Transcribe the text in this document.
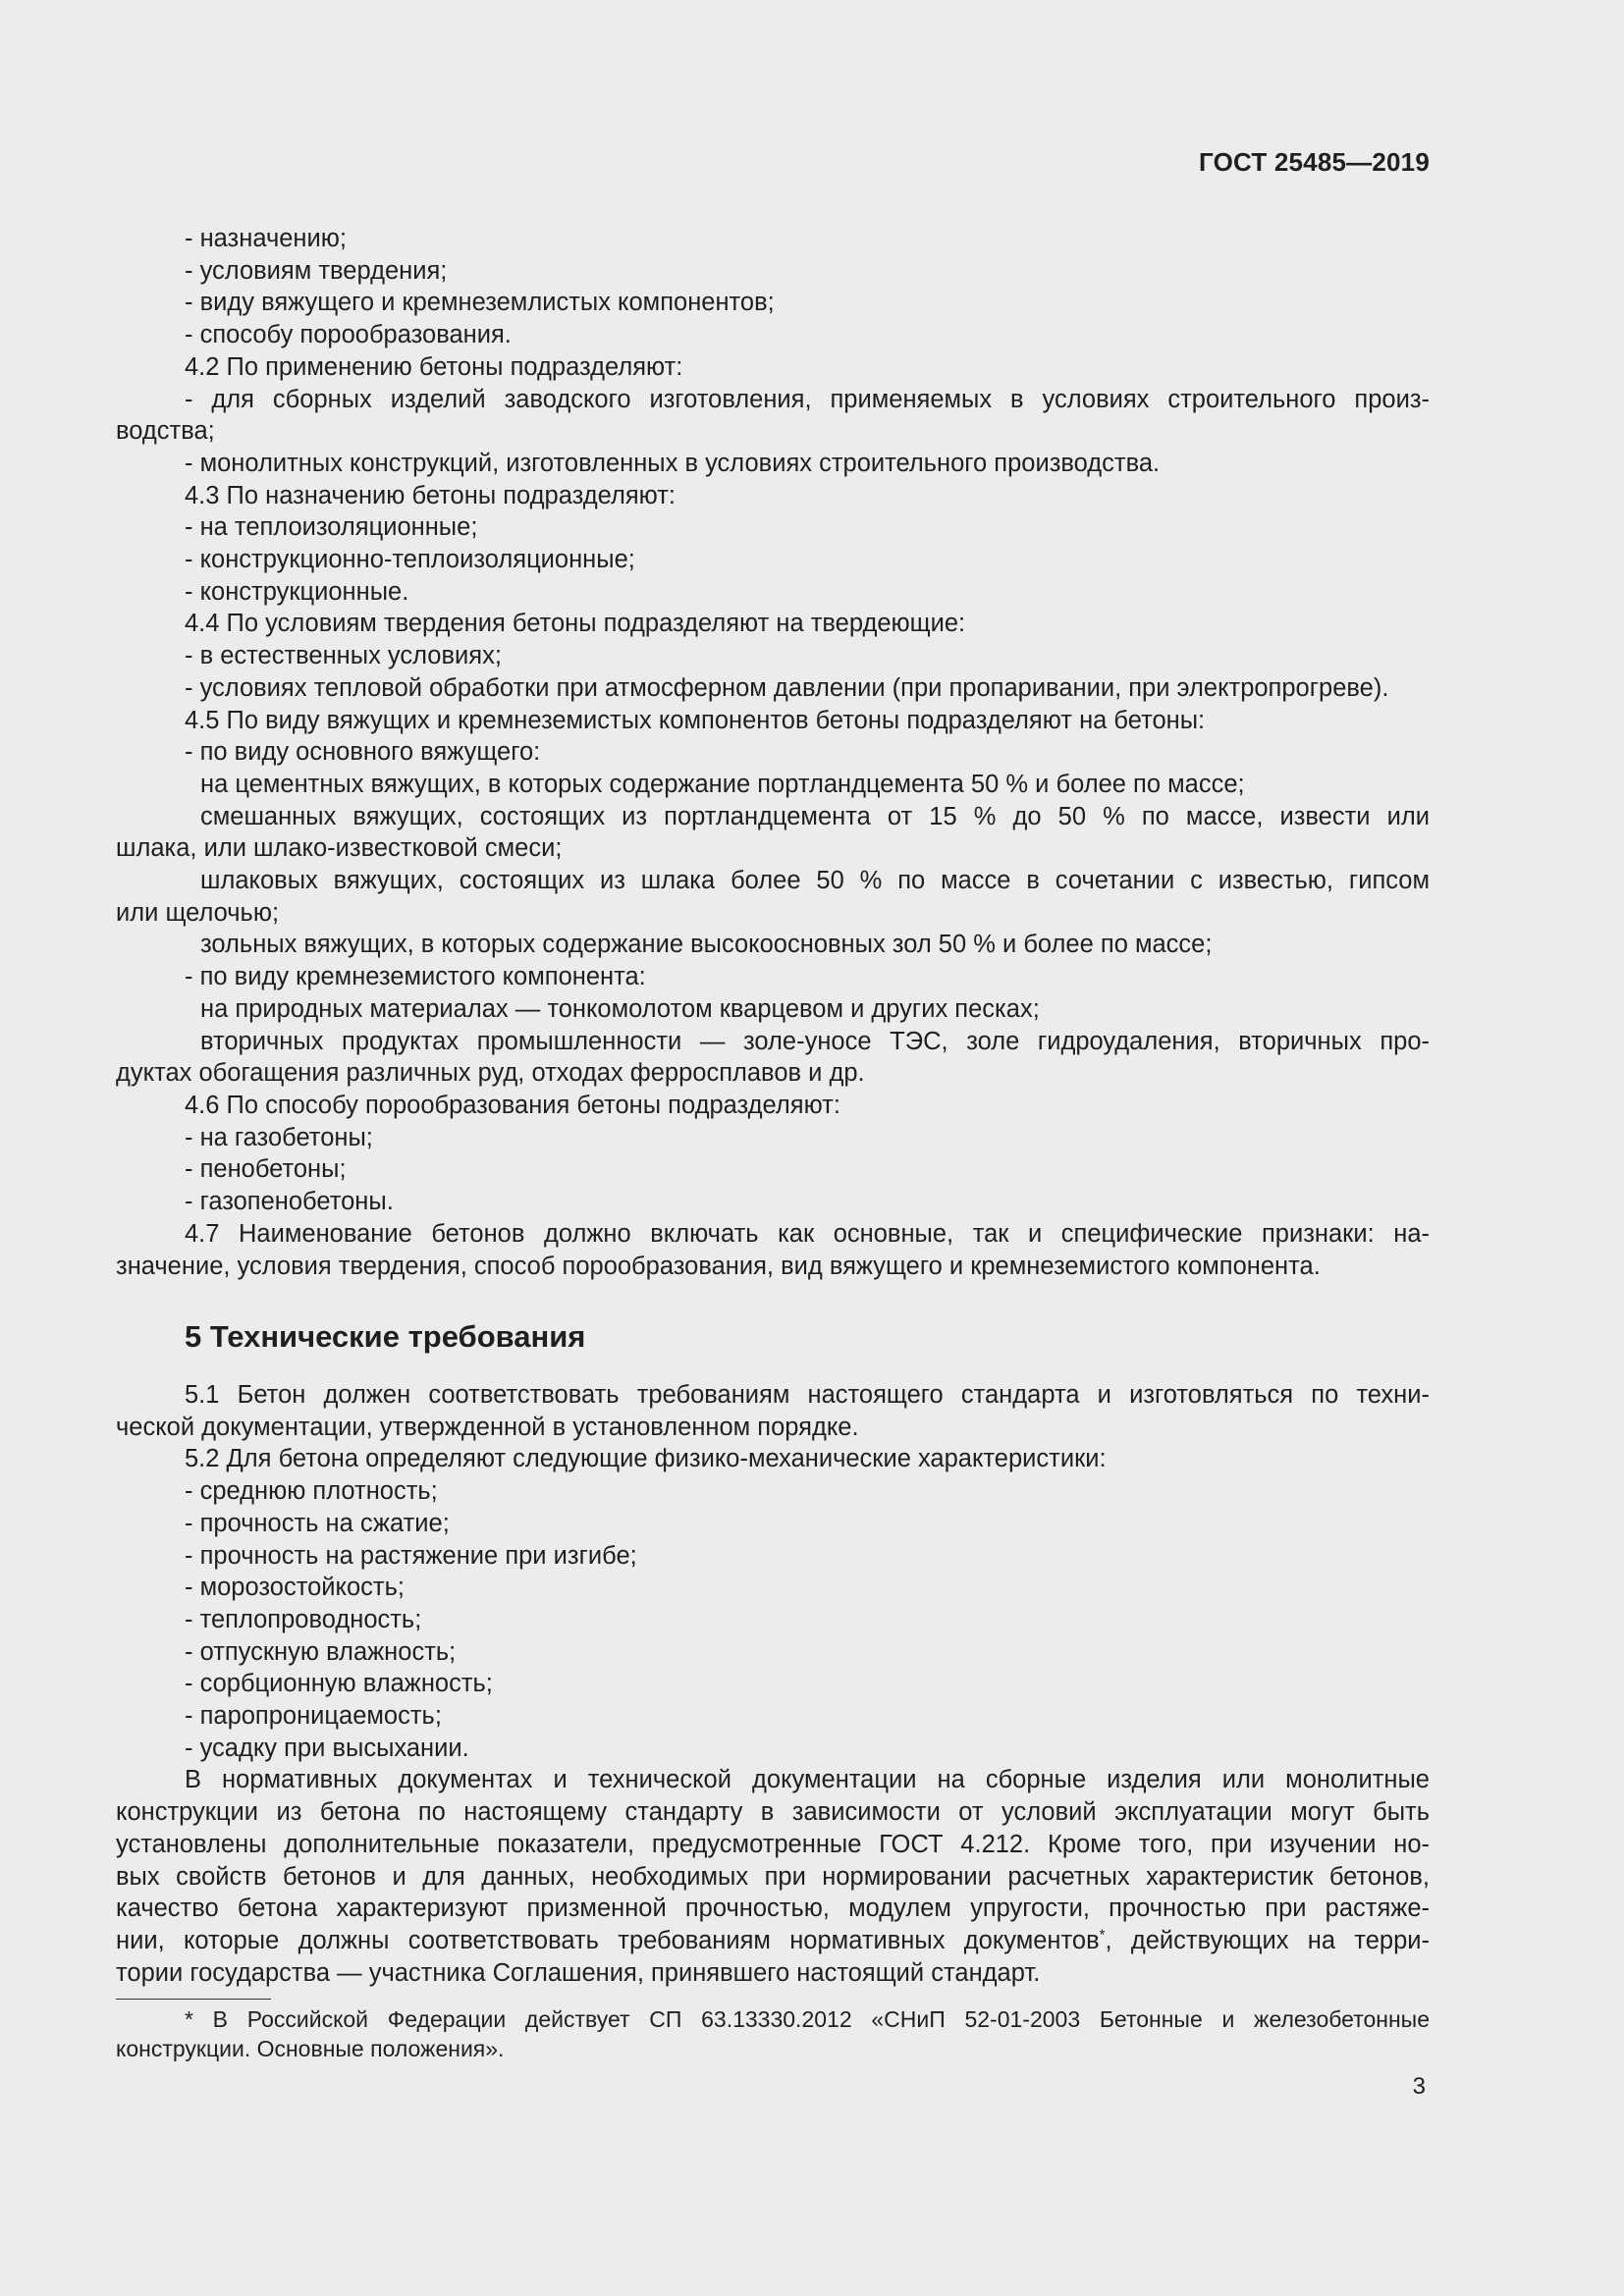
ГОСТ 25485—2019
- назначению;
- условиям твердения;
- виду вяжущего и кремнеземлистых компонентов;
- способу порообразования.
4.2 По применению бетоны подразделяют:
- для сборных изделий заводского изготовления, применяемых в условиях строительного произ-
водства;
- монолитных конструкций, изготовленных в условиях строительного производства.
4.3 По назначению бетоны подразделяют:
- на теплоизоляционные;
- конструкционно-теплоизоляционные;
- конструкционные.
4.4 По условиям твердения бетоны подразделяют на твердеющие:
- в естественных условиях;
- условиях тепловой обработки при атмосферном давлении (при пропаривании, при электропрогреве).
4.5 По виду вяжущих и кремнеземистых компонентов бетоны подразделяют на бетоны:
- по виду основного вяжущего:
на цементных вяжущих, в которых содержание портландцемента 50 % и более по массе;
смешанных вяжущих, состоящих из портландцемента от 15 % до 50 % по массе, извести или
шлака, или шлако-известковой смеси;
шлаковых вяжущих, состоящих из шлака более 50 % по массе в сочетании с известью, гипсом
или щелочью;
зольных вяжущих, в которых содержание высокоосновных зол 50 % и более по массе;
- по виду кремнеземистого компонента:
на природных материалах — тонкомолотом кварцевом и других песках;
вторичных продуктах промышленности — золе-уносе ТЭС, золе гидроудаления, вторичных про-
дуктах обогащения различных руд, отходах ферросплавов и др.
4.6 По способу порообразования бетоны подразделяют:
- на газобетоны;
- пенобетоны;
- газопенобетоны.
4.7 Наименование бетонов должно включать как основные, так и специфические признаки: на-
значение, условия твердения, способ порообразования, вид вяжущего и кремнеземистого компонента.
5 Технические требования
5.1 Бетон должен соответствовать требованиям настоящего стандарта и изготовляться по техни-
ческой документации, утвержденной в установленном порядке.
5.2 Для бетона определяют следующие физико-механические характеристики:
- среднюю плотность;
- прочность на сжатие;
- прочность на растяжение при изгибе;
- морозостойкость;
- теплопроводность;
- отпускную влажность;
- сорбционную влажность;
- паропроницаемость;
- усадку при высыхании.
В нормативных документах и технической документации на сборные изделия или монолитные
конструкции из бетона по настоящему стандарту в зависимости от условий эксплуатации могут быть
установлены дополнительные показатели, предусмотренные ГОСТ 4.212. Кроме того, при изучении но-
вых свойств бетонов и для данных, необходимых при нормировании расчетных характеристик бетонов,
качество бетона характеризуют призменной прочностью, модулем упругости, прочностью при растяже-
нии, которые должны соответствовать требованиям нормативных документов*, действующих на терри-
тории государства — участника Соглашения, принявшего настоящий стандарт.
* В Российской Федерации действует СП 63.13330.2012 «СНиП 52-01-2003 Бетонные и железобетонные
конструкции. Основные положения».
3
